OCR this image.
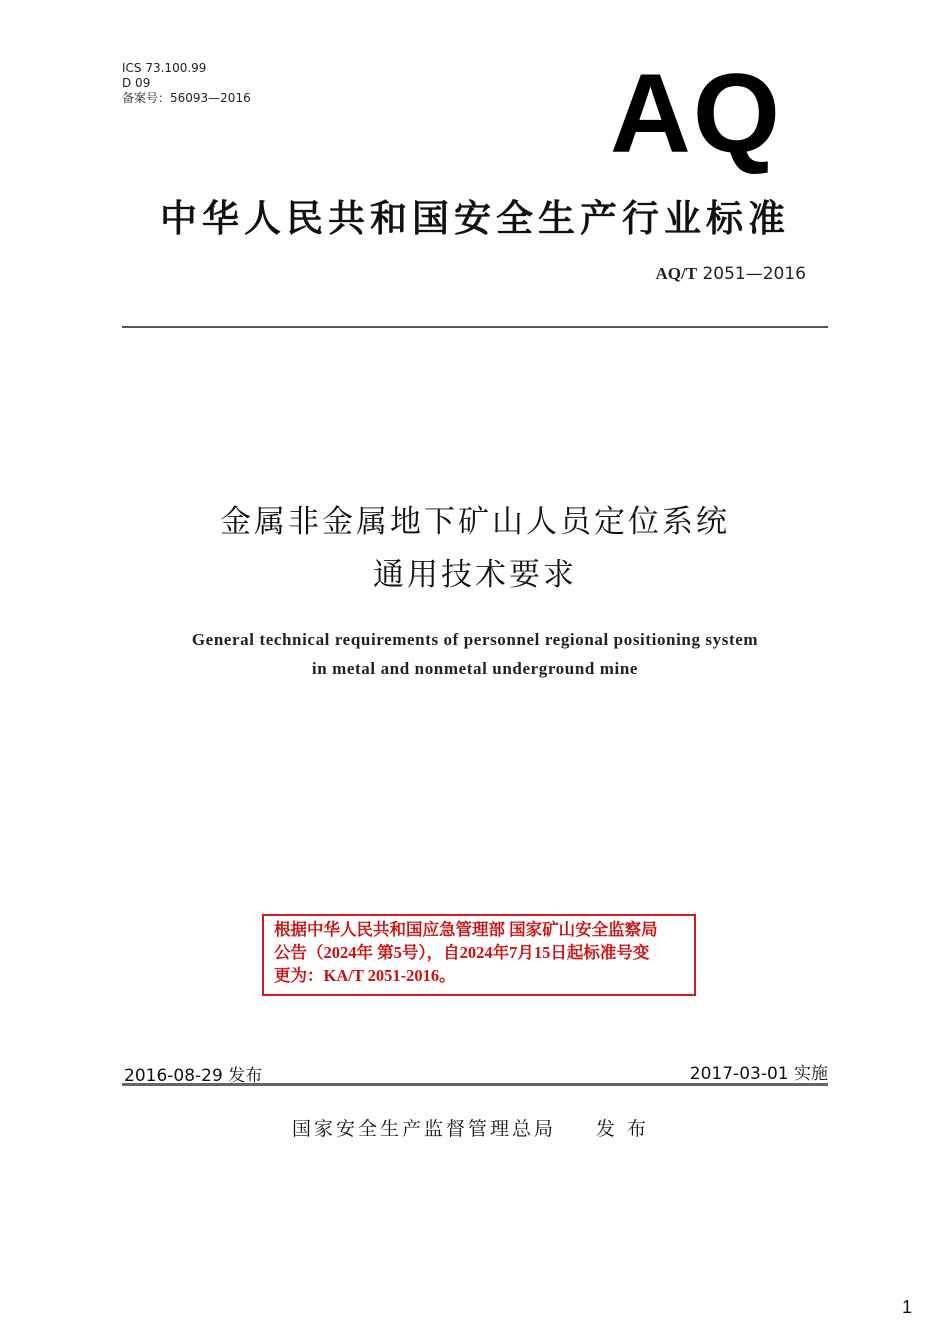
ICS 73.100.99
D 09
备案号：56093—2016	AQ
中华人民共和国安全生产行业标准
AQ/T 2051—2016
金属非金属地下矿山人员定位系统
通用技术要求
General technical requirements of personnel regional positioning system
in metal and nonmetal underground mine
根据中华人民共和国应急管理部 国家矿山安全监察局
公告（2024年 第5号），自2024年7月15日起标准号变
更为：KA/T 2051-2016。
2016-08-29 发布	2017-03-01 实施
国家安全生产监督管理总局 发布
1
